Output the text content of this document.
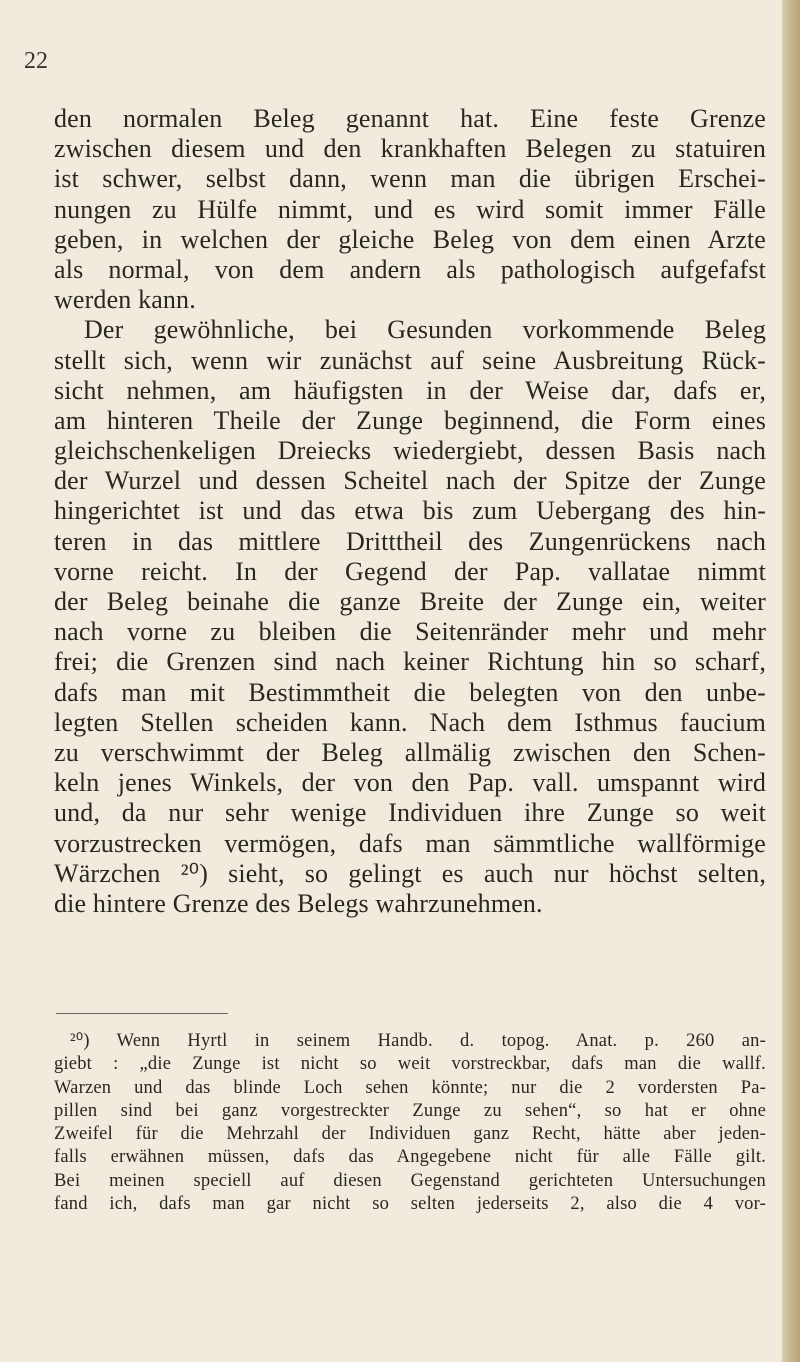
22
den normalen Beleg genannt hat. Eine feste Grenze
zwischen diesem und den krankhaften Belegen zu statuiren
ist schwer, selbst dann, wenn man die übrigen Erschei-
nungen zu Hülfe nimmt, und es wird somit immer Fälle
geben, in welchen der gleiche Beleg von dem einen Arzte
als normal, von dem andern als pathologisch aufgefafst
werden kann.
Der gewöhnliche, bei Gesunden vorkommende Beleg
stellt sich, wenn wir zunächst auf seine Ausbreitung Rück-
sicht nehmen, am häufigsten in der Weise dar, dafs er,
am hinteren Theile der Zunge beginnend, die Form eines
gleichschenkeligen Dreiecks wiedergiebt, dessen Basis nach
der Wurzel und dessen Scheitel nach der Spitze der Zunge
hingerichtet ist und das etwa bis zum Uebergang des hin-
teren in das mittlere Dritttheil des Zungenrückens nach
vorne reicht. In der Gegend der Pap. vallatae nimmt
der Beleg beinahe die ganze Breite der Zunge ein, weiter
nach vorne zu bleiben die Seitenränder mehr und mehr
frei; die Grenzen sind nach keiner Richtung hin so scharf,
dafs man mit Bestimmtheit die belegten von den unbe-
legten Stellen scheiden kann. Nach dem Isthmus faucium
zu verschwimmt der Beleg allmälig zwischen den Schen-
keln jenes Winkels, der von den Pap. vall. umspannt wird
und, da nur sehr wenige Individuen ihre Zunge so weit
vorzustrecken vermögen, dafs man sämmtliche wallförmige
Wärzchen ²⁰) sieht, so gelingt es auch nur höchst selten,
die hintere Grenze des Belegs wahrzunehmen.
²⁰) Wenn Hyrtl in seinem Handb. d. topog. Anat. p. 260 an-
giebt : „die Zunge ist nicht so weit vorstreckbar, dafs man die wallf.
Warzen und das blinde Loch sehen könnte; nur die 2 vordersten Pa-
pillen sind bei ganz vorgestreckter Zunge zu sehen“, so hat er ohne
Zweifel für die Mehrzahl der Individuen ganz Recht, hätte aber jeden-
falls erwähnen müssen, dafs das Angegebene nicht für alle Fälle gilt.
Bei meinen speciell auf diesen Gegenstand gerichteten Untersuchungen
fand ich, dafs man gar nicht so selten jederseits 2, also die 4 vor-
